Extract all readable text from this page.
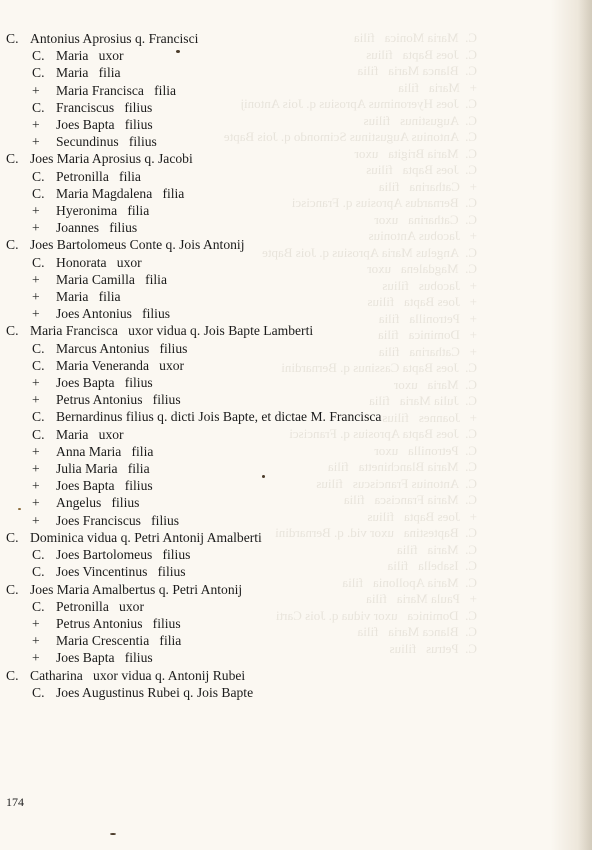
C.  Maria Monica   filia
C.  Joes Bapta   filius
C.  Blanca Maria   filia
+   Maria   filia
C.  Joes Hyeronimus Aprosius q. Jois Antonij
C.  Augustinus   filius
C.  Antonius Augustinus Scimondo q. Jois Bapte
C.  Maria Brigita   uxor
C.  Joes Bapta   filius
+   Catharina   filia
C.  Bernardus Aprosius q. Francisci
C.  Catharina   uxor
+   Jacobus Antonius
C.  Angelus Maria Aprosius q. Jois Bapte
C.  Magdalena   uxor
+   Jacobus   filius
+   Joes Bapta   filius
+   Petronilla   filia
+   Dominica   filia
+   Catharina   filia
C.  Joes Bapta Cassinus q. Bernardini
C.  Maria   uxor
C.  Julia Maria   filia
+   Joannes   filius
C.  Joes Bapta Aprosius q. Francisci
C.  Petronilla   uxor
C.  Maria Blanchinetta   filia
C.  Antonius Franciscus   filius
C.  Maria Francisca   filia
+   Joes Bapta   filius
C.  Baptestina   uxor vid. q. Bernardini
C.  Maria   filia
C.  Isabella   filia
C.  Maria Apollonia   filia
+   Paula Maria   filia
C.  Dominica   uxor vidua q. Jois Carti
C.  Blanca Maria   filia
C.  Petrus   filius
C. Antonius Aprosius q. Francisci
C. Maria   uxor
C. Maria   filia
+ Maria Francisca   filia
C. Franciscus   filius
+ Joes Bapta   filius
+ Secundinus   filius
C. Joes Maria Aprosius q. Jacobi
C. Petronilla   filia
C. Maria Magdalena   filia
+ Hyeronima   filia
+ Joannes   filius
C. Joes Bartolomeus Conte q. Jois Antonij
C. Honorata   uxor
+ Maria Camilla   filia
+ Maria   filia
+ Joes Antonius   filius
C. Maria Francisca   uxor vidua q. Jois Bapte Lamberti
C. Marcus Antonius   filius
C. Maria Veneranda   uxor
+ Joes Bapta   filius
+ Petrus Antonius   filius
C. Bernardinus filius q. dicti Jois Bapte, et dictae M. Francisca
C. Maria   uxor
+ Anna Maria   filia
+ Julia Maria   filia
+ Joes Bapta   filius
+ Angelus   filius
+ Joes Franciscus   filius
C. Dominica vidua q. Petri Antonij Amalberti
C. Joes Bartolomeus   filius
C. Joes Vincentinus   filius
C. Joes Maria Amalbertus q. Petri Antonij
C. Petronilla   uxor
+ Petrus Antonius   filius
+ Maria Crescentia   filia
+ Joes Bapta   filius
C. Catharina   uxor vidua q. Antonij Rubei
C. Joes Augustinus Rubei q. Jois Bapte
174
